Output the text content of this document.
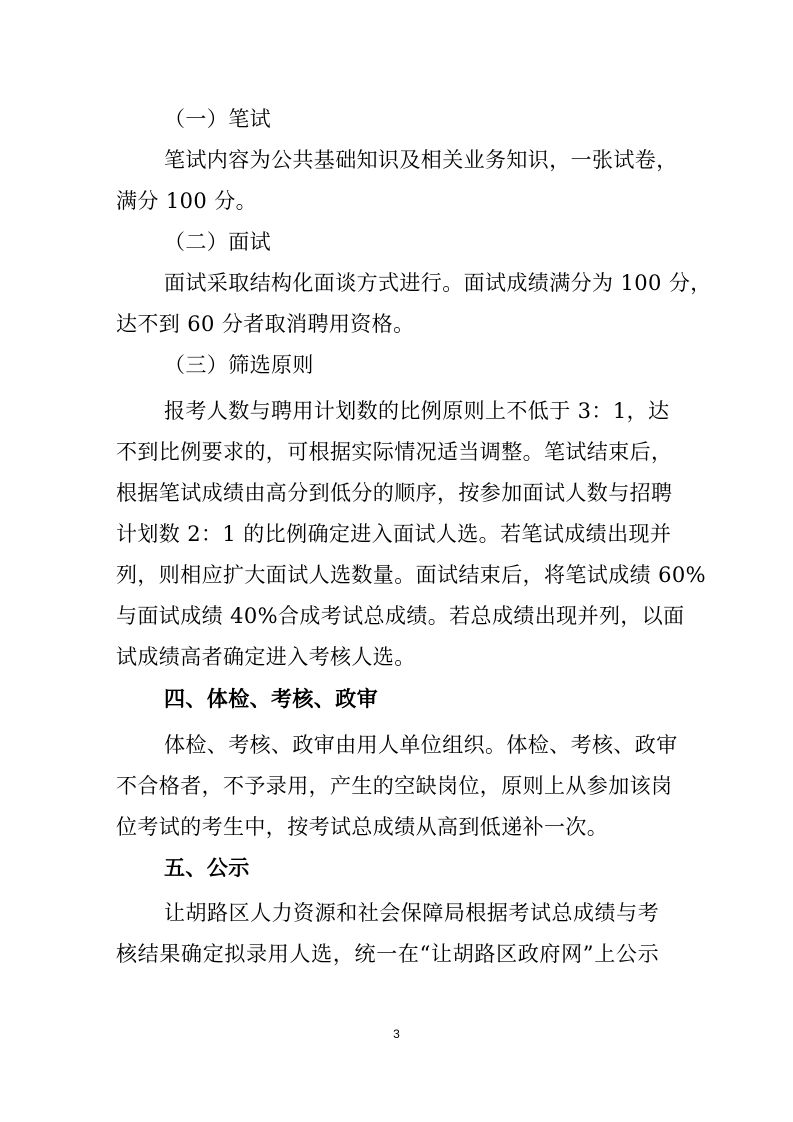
（一）笔试
笔试内容为公共基础知识及相关业务知识，一张试卷，
满分 100 分。
（二）面试
面试采取结构化面谈方式进行。面试成绩满分为 100 分，
达不到 60 分者取消聘用资格。
（三）筛选原则
报考人数与聘用计划数的比例原则上不低于 3：1，达
不到比例要求的，可根据实际情况适当调整。笔试结束后，
根据笔试成绩由高分到低分的顺序，按参加面试人数与招聘
计划数 2：1 的比例确定进入面试人选。若笔试成绩出现并
列，则相应扩大面试人选数量。面试结束后，将笔试成绩 60%
与面试成绩 40%合成考试总成绩。若总成绩出现并列，以面
试成绩高者确定进入考核人选。
四、体检、考核、政审
体检、考核、政审由用人单位组织。体检、考核、政审
不合格者，不予录用，产生的空缺岗位，原则上从参加该岗
位考试的考生中，按考试总成绩从高到低递补一次。
五、公示
让胡路区人力资源和社会保障局根据考试总成绩与考
核结果确定拟录用人选，统一在“让胡路区政府网”上公示
3
